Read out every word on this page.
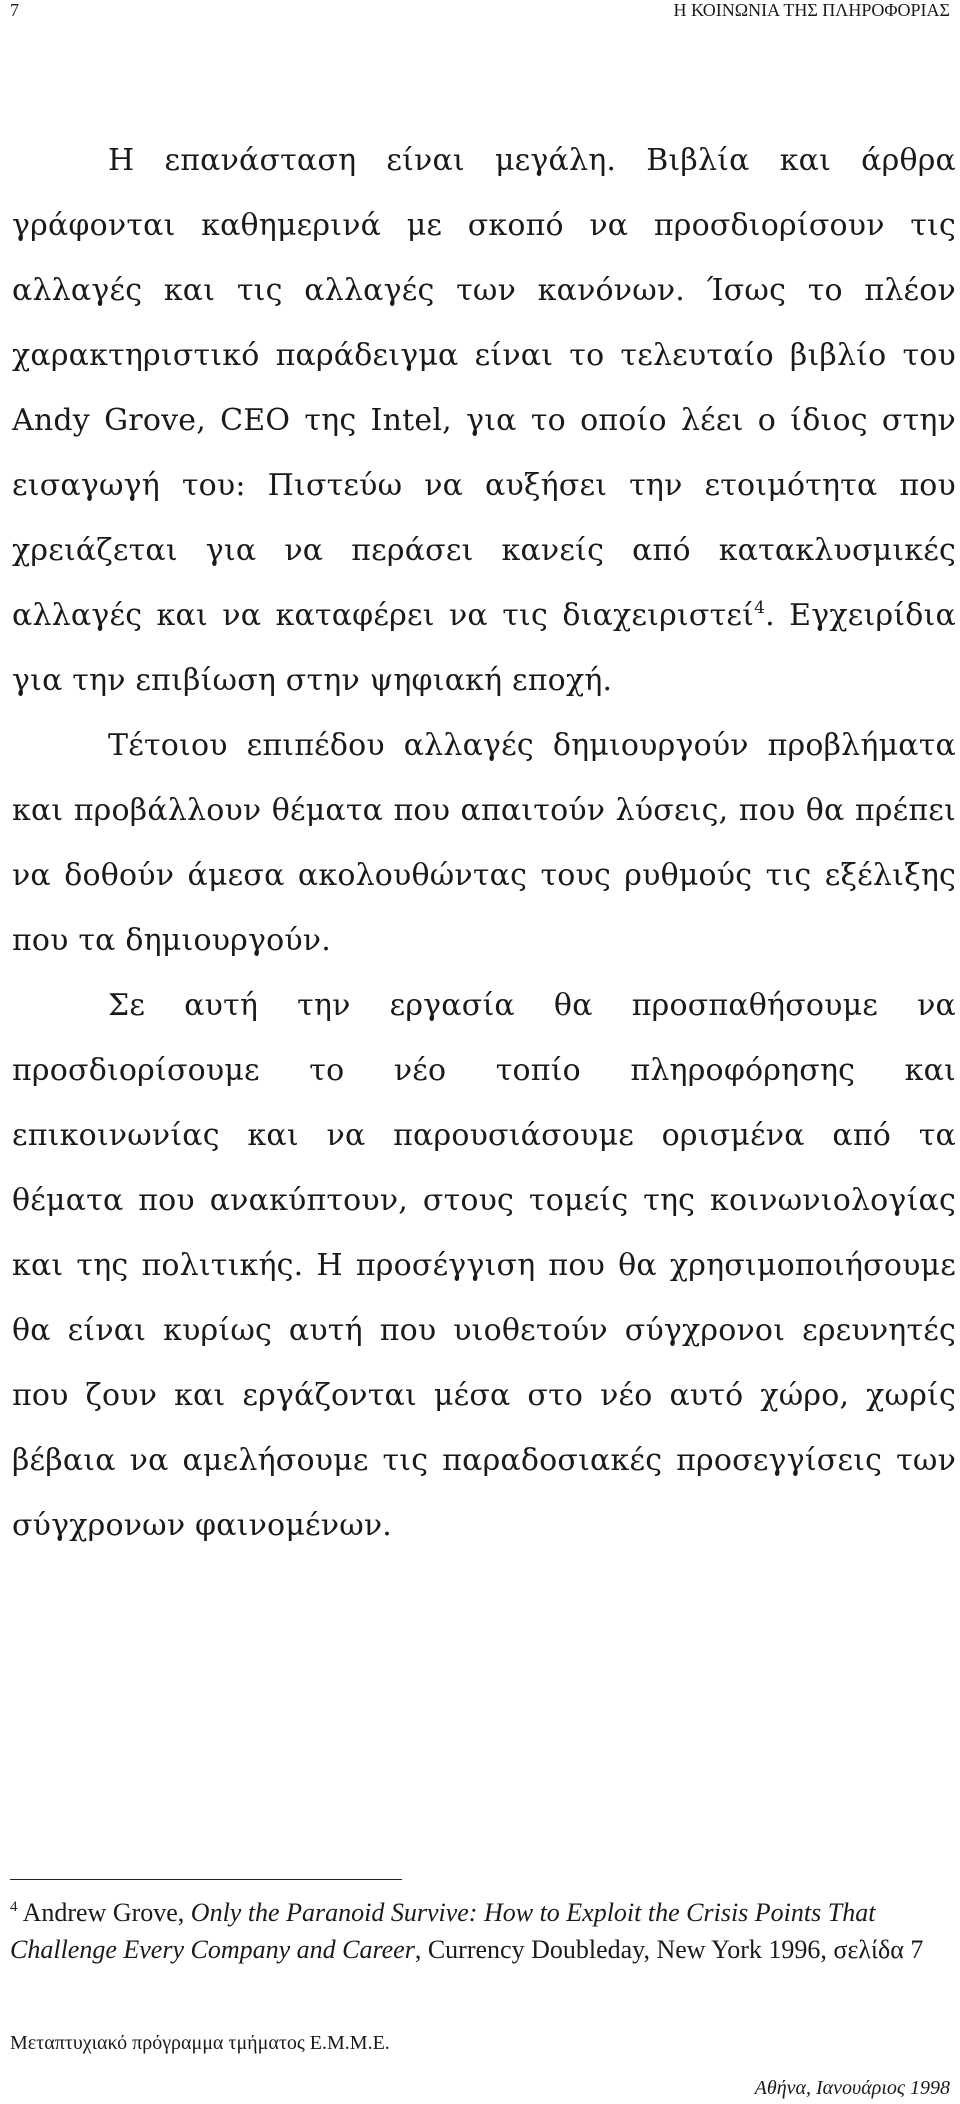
7	Η ΚΟΙΝΩΝΙΑ ΤΗΣ ΠΛΗΡΟΦΟΡΙΑΣ

Η επανάσταση είναι μεγάλη. Βιβλία και άρθρα γράφονται καθημερινά με σκοπό να προσδιορίσουν τις αλλαγές και τις αλλαγές των κανόνων. Ίσως το πλέον χαρακτηριστικό παράδειγμα είναι το τελευταίο βιβλίο του Andy Grove, CEO της Intel, για το οποίο λέει ο ίδιος στην εισαγωγή του: Πιστεύω να αυξήσει την ετοιμότητα που χρειάζεται για να περάσει κανείς από κατακλυσμικές αλλαγές και να καταφέρει να τις διαχειριστεί$^4$. Εγχειρίδια για την επιβίωση στην ψηφιακή εποχή.

Τέτοιου επιπέδου αλλαγές δημιουργούν προβλήματα και προβάλλουν θέματα που απαιτούν λύσεις, που θα πρέπει να δοθούν άμεσα ακολουθώντας τους ρυθμούς τις εξέλιξης που τα δημιουργούν.

Σε αυτή την εργασία θα προσπαθήσουμε να προσδιορίσουμε το νέο τοπίο πληροφόρησης και επικοινωνίας και να παρουσιάσουμε ορισμένα από τα θέματα που ανακύπτουν, στους τομείς της κοινωνιολογίας και της πολιτικής. Η προσέγγιση που θα χρησιμοποιήσουμε θα είναι κυρίως αυτή που υιοθετούν σύγχρονοι ερευνητές που ζουν και εργάζονται μέσα στο νέο αυτό χώρο, χωρίς βέβαια να αμελήσουμε τις παραδοσιακές προσεγγίσεις των σύγχρονων φαινομένων.

$^4$ Andrew Grove, Only the Paranoid Survive: How to Exploit the Crisis Points That Challenge Every Company and Career, Currency Doubleday, New York 1996, σελίδα 7
Μεταπτυχιακό πρόγραμμα τμήματος Ε.Μ.Μ.Ε.
Αθήνα, Ιανουάριος 1998
